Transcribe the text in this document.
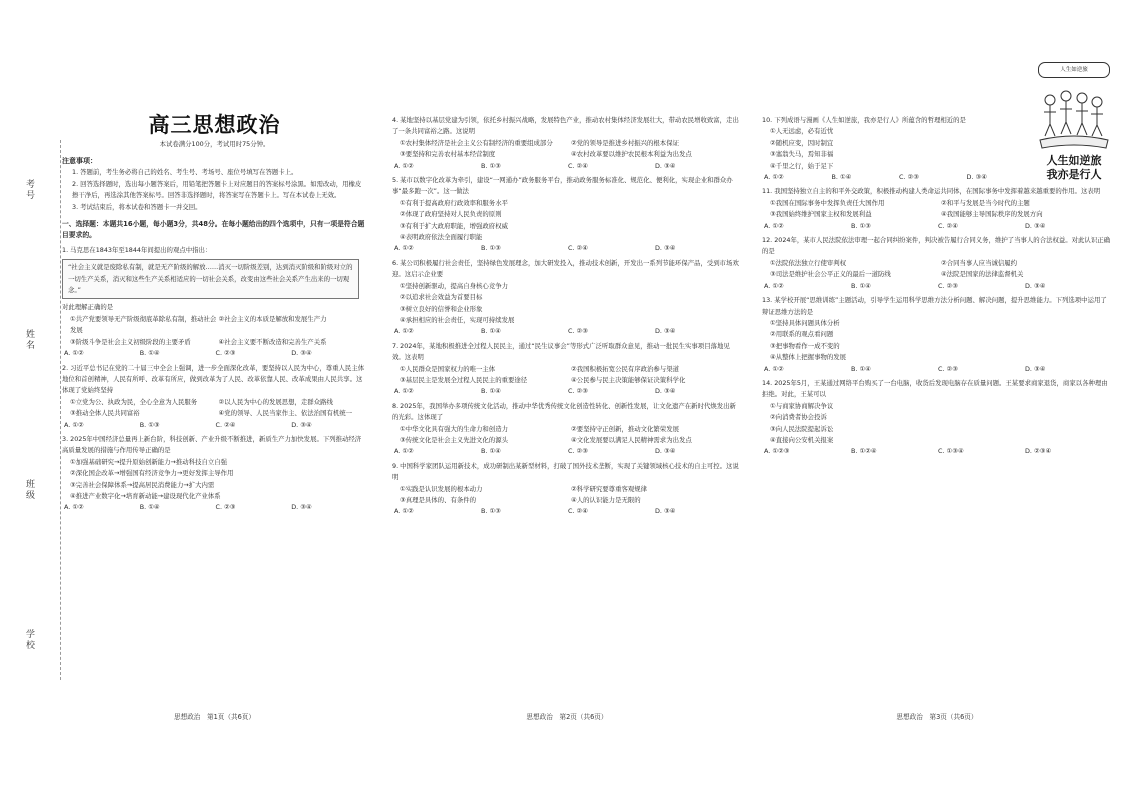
考号
姓名
班级
学校
高三思想政治
本试卷满分100分，考试用时75分钟。
注意事项：
1. 答题前，考生务必将自己的姓名、考生号、考场号、座位号填写在答题卡上。
2. 回答选择题时，选出每小题答案后，用铅笔把答题卡上对应题目的答案标号涂黑。如需改动，用橡皮擦干净后，再选涂其他答案标号。回答非选择题时，将答案写在答题卡上。写在本试卷上无效。
3. 考试结束后，将本试卷和答题卡一并交回。
一、选择题：本题共16小题，每小题3分，共48分。在每小题给出的四个选项中，只有一项是符合题目要求的。
1. 马克思在1843年至1844年间提出的观点中指出：
“社会主义就是废除私有制，就是无产阶级的解放……消灭一切阶级差别，达到消灭阶级和阶级对立的一切生产关系，消灭和这些生产关系相适应的一切社会关系，改变由这些社会关系产生出来的一切观念。”
对此理解正确的是
①共产党要领导无产阶级彻底革除私有制，推动社会发展
②社会主义的本质是解放和发展生产力
③阶级斗争是社会主义初级阶段的主要矛盾	④社会主义要不断改造和完善生产关系
A. ①②	B. ①④	C. ②③	D. ③④
2. 习近平总书记在党的二十届三中全会上强调，进一步全面深化改革，要坚持以人民为中心，尊重人民主体地位和首创精神，人民有所呼、改革有所应，做到改革为了人民、改革依靠人民、改革成果由人民共享。这体现了党始终坚持
①立党为公、执政为民，全心全意为人民服务	②以人民为中心的发展思想，走群众路线
③推动全体人民共同富裕	④党的领导、人民当家作主、依法治国有机统一
A. ①②	B. ①③	C. ②④	D. ③④
3. 2025年中国经济总量再上新台阶，科技创新、产业升级不断推进，新质生产力加快发展。下列推动经济高质量发展的措施与作用传导正确的是
①加强基础研究→提升原始创新能力→推动科技自立自强
②深化国企改革→增强国有经济竞争力→更好发挥主导作用
③完善社会保障体系→提高居民消费能力→扩大内需
④推进产业数字化→培育新动能→建设现代化产业体系
A. ①②	B. ①④	C. ②③	D. ③④
思想政治　第1页（共6页）
4. 某地坚持以基层党建为引领，依托乡村振兴战略，发展特色产业，推动农村集体经济发展壮大，带动农民增收致富，走出了一条共同富裕之路。这说明
①农村集体经济是社会主义公有制经济的重要组成部分	②党的领导是推进乡村振兴的根本保证
③要坚持和完善农村基本经营制度	④农村改革要以维护农民根本利益为出发点
A. ①②	B. ①③	C. ②④	D. ③④
5. 某市以数字化改革为牵引，建设“一网通办”政务服务平台，推动政务服务标准化、规范化、便利化，实现企业和群众办事“最多跑一次”。这一做法
①有利于提高政府行政效率和服务水平
②体现了政府坚持对人民负责的原则
③有利于扩大政府职能，增强政府权威
④表明政府依法全面履行职能
A. ①②	B. ①③	C. ②④	D. ③④
6. 某公司积极履行社会责任，坚持绿色发展理念，加大研发投入，推动技术创新，开发出一系列节能环保产品，受到市场欢迎。这启示企业要
①坚持创新驱动，提高自身核心竞争力
②以追求社会效益为首要目标
③树立良好的信誉和企业形象
④承担相应的社会责任，实现可持续发展
A. ①②	B. ①④	C. ②③	D. ③④
7. 2024年，某地积极推进全过程人民民主，通过“民生议事会”等形式广泛听取群众意见，推动一批民生实事项目落地见效。这表明
①人民群众是国家权力的唯一主体	②我国积极拓宽公民有序政治参与渠道
③基层民主是发展全过程人民民主的重要途径	④公民参与民主决策能够保证决策科学化
A. ①②	B. ①④	C. ②③	D. ③④
8. 2025年，我国举办多项传统文化活动，推动中华优秀传统文化创造性转化、创新性发展，让文化遗产在新时代焕发出新的光彩。这体现了
①中华文化具有强大的生命力和创造力	②要坚持守正创新，推动文化繁荣发展
③传统文化是社会主义先进文化的源头	④文化发展要以满足人民精神需求为出发点
A. ①②	B. ①④	C. ②③	D. ③④
9. 中国科学家团队运用新技术，成功研制出某新型材料，打破了国外技术垄断，实现了关键领域核心技术的自主可控。这说明
①实践是认识发展的根本动力	②科学研究要尊重客观规律
③真理是具体的、有条件的	④人的认识能力是无限的
A. ①②	B. ①③	C. ②④	D. ③④
思想政治　第2页（共6页）
10. 下列成语与漫画《人生如逆旅，我亦是行人》所蕴含的哲理相近的是
①人无远虑，必有近忧
②随机应变，因时制宜
③塞翁失马，焉知非福
④千里之行，始于足下
A. ①②	B. ①④	C. ②③	D. ③④
11. 我国坚持独立自主的和平外交政策，积极推动构建人类命运共同体，在国际事务中发挥着越来越重要的作用。这表明
①我国在国际事务中发挥负责任大国作用	②和平与发展是当今时代的主题
③我国始终维护国家主权和发展利益	④我国能够主导国际秩序的发展方向
A. ①②	B. ①③	C. ②④	D. ③④
12. 2024年，某市人民法院依法审理一起合同纠纷案件，判决被告履行合同义务，维护了当事人的合法权益。对此认识正确的是
①法院依法独立行使审判权	②合同当事人应当诚信履约
③司法是维护社会公平正义的最后一道防线	④法院是国家的法律监督机关
A. ①②	B. ①④	C. ②③	D. ③④
13. 某学校开展“思维训练”主题活动，引导学生运用科学思维方法分析问题、解决问题，提升思维能力。下列选项中运用了辩证思维方法的是
①坚持具体问题具体分析
②用联系的观点看问题
③把事物看作一成不变的
④从整体上把握事物的发展
A. ①②	B. ①④	C. ②③	D. ③④
14. 2025年5月，王某通过网络平台购买了一台电脑，收货后发现电脑存在质量问题。王某要求商家退货，商家以各种理由拒绝。对此，王某可以
①与商家协商解决争议
②向消费者协会投诉
③向人民法院提起诉讼
④直接向公安机关报案
A. ①②③	B. ①②④	C. ①③④	D. ②③④
思想政治　第3页（共6页）
人生如逆旅
人生如逆旅
我亦是行人
